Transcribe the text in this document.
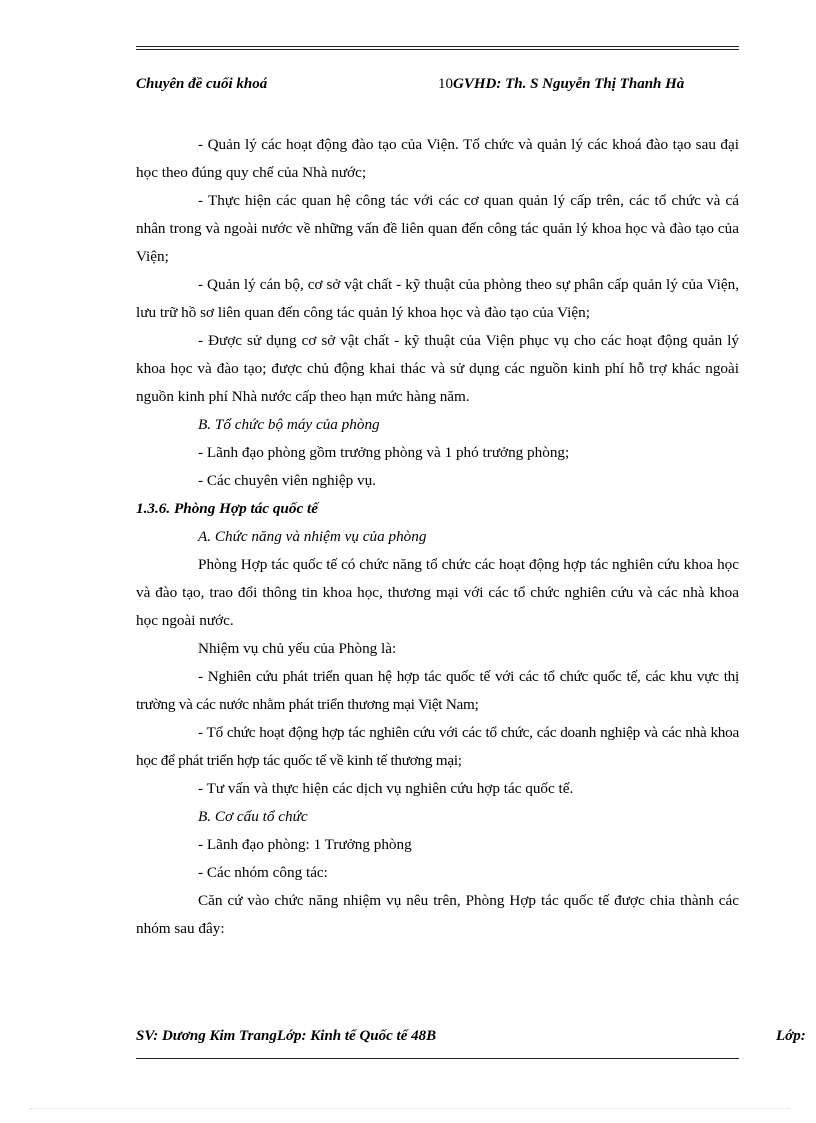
Chuyên đề cuối khoá	10GVHD: Th. S Nguyễn Thị Thanh Hà

- Quản lý các hoạt động đào tạo của Viện. Tổ chức và quản lý các khoá đào tạo sau đại học theo đúng quy chế của Nhà nước;

- Thực hiện các quan hệ công tác với các cơ quan quản lý cấp trên, các tổ chức và cá nhân trong và ngoài nước về những vấn đề liên quan đến công tác quản lý khoa học và đào tạo của Viện;

- Quản lý cán bộ, cơ sở vật chất - kỹ thuật của phòng theo sự phân cấp quản lý của Viện, lưu trữ hồ sơ liên quan đến công tác quản lý khoa học và đào tạo của Viện;

- Được sử dụng cơ sở vật chất - kỹ thuật của Viện phục vụ cho các hoạt động quản lý khoa học và đào tạo; được chủ động khai thác và sử dụng các nguồn kinh phí hỗ trợ khác ngoài nguồn kinh phí Nhà nước cấp theo hạn mức hàng năm.

B. Tổ chức bộ máy của phòng

- Lãnh đạo phòng gồm trưởng phòng và 1 phó trưởng phòng;

- Các chuyên viên nghiệp vụ.

1.3.6. Phòng Hợp tác quốc tế

A. Chức năng và nhiệm vụ của phòng

Phòng Hợp tác quốc tế có chức năng tổ chức các hoạt động hợp tác nghiên cứu khoa học và đào tạo, trao đổi thông tin khoa học, thương mại với các tổ chức nghiên cứu và các nhà khoa học ngoài nước.

Nhiệm vụ chủ yếu của Phòng là:

- Nghiên cứu phát triển quan hệ hợp tác quốc tế với các tổ chức quốc tế, các khu vực thị trường và các nước nhằm phát triển thương mại Việt Nam;

- Tổ chức hoạt động hợp tác nghiên cứu với các tổ chức, các doanh nghiệp và các nhà khoa học để phát triển hợp tác quốc tế về kinh tế thương mại;

- Tư vấn và thực hiện các dịch vụ nghiên cứu hợp tác quốc tế.

B. Cơ cấu tổ chức

- Lãnh đạo phòng: 1 Trưởng phòng

- Các nhóm công tác:

Căn cứ vào chức năng nhiệm vụ nêu trên, Phòng Hợp tác quốc tế được chia thành các nhóm sau đây:

SV: Dương Kim TrangLớp: Kinh tế Quốc tế 48B	Lớp:
